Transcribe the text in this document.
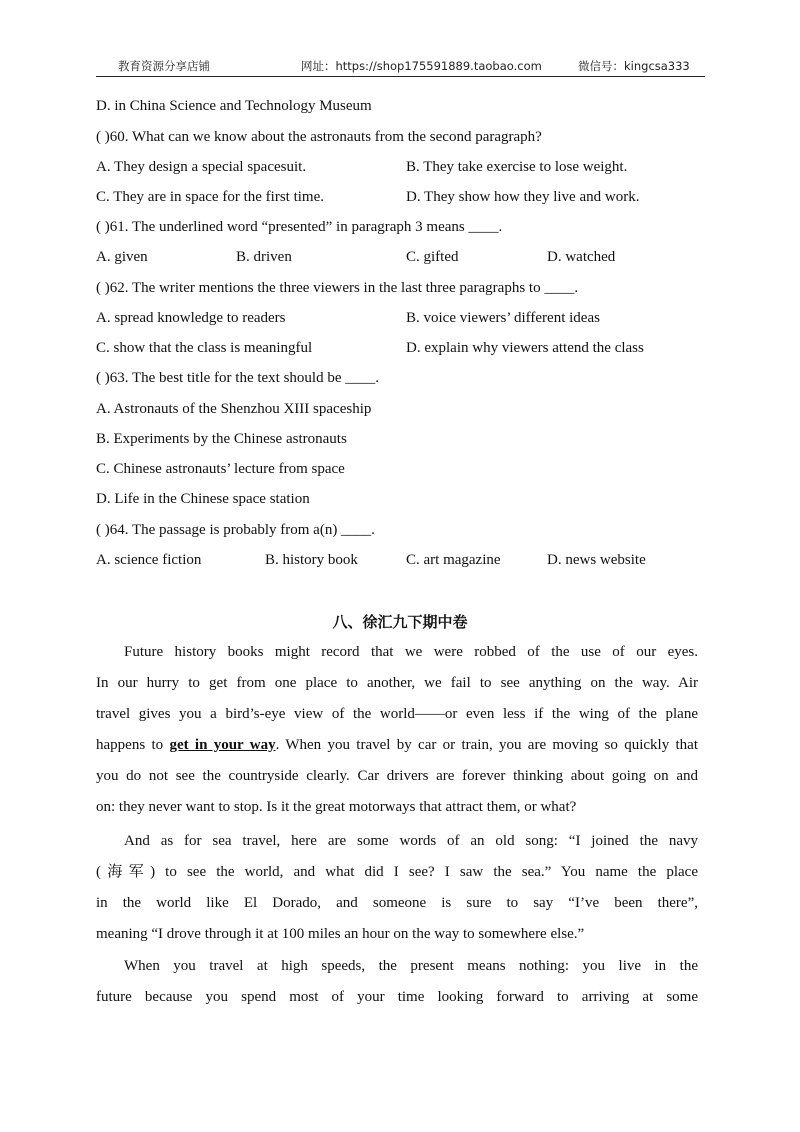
教育资源分享店铺	网址：https://shop175591889.taobao.com	微信号：kingcsa333
D. in China Science and Technology Museum
( )60. What can we know about the astronauts from the second paragraph?
A. They design a special spacesuit.	B. They take exercise to lose weight.
C. They are in space for the first time.	D. They show how they live and work.
( )61. The underlined word “presented” in paragraph 3 means ____.
A. given	B. driven	C. gifted	D. watched
( )62. The writer mentions the three viewers in the last three paragraphs to ____.
A. spread knowledge to readers	B. voice viewers’ different ideas
C. show that the class is meaningful	D. explain why viewers attend the class
( )63. The best title for the text should be ____.
A. Astronauts of the Shenzhou XIII spaceship
B. Experiments by the Chinese astronauts
C. Chinese astronauts’ lecture from space
D. Life in the Chinese space station
( )64. The passage is probably from a(n) ____.
A. science fiction	B. history book	C. art magazine	D. news website
八、徐汇九下期中卷
Future history books might record that we were robbed of the use of our eyes.
In our hurry to get from one place to another, we fail to see anything on the way. Air
travel gives you a bird’s-eye view of the world——or even less if the wing of the plane
happens to get in your way. When you travel by car or train, you are moving so quickly that
you do not see the countryside clearly. Car drivers are forever thinking about going on and
on: they never want to stop. Is it the great motorways that attract them, or what?
And as for sea travel, here are some words of an old song: “I joined the navy
(海军) to see the world, and what did I see? I saw the sea.” You name the place
in the world like El Dorado, and someone is sure to say “I’ve been there”,
meaning “I drove through it at 100 miles an hour on the way to somewhere else.”
When you travel at high speeds, the present means nothing: you live in the
future because you spend most of your time looking forward to arriving at some
